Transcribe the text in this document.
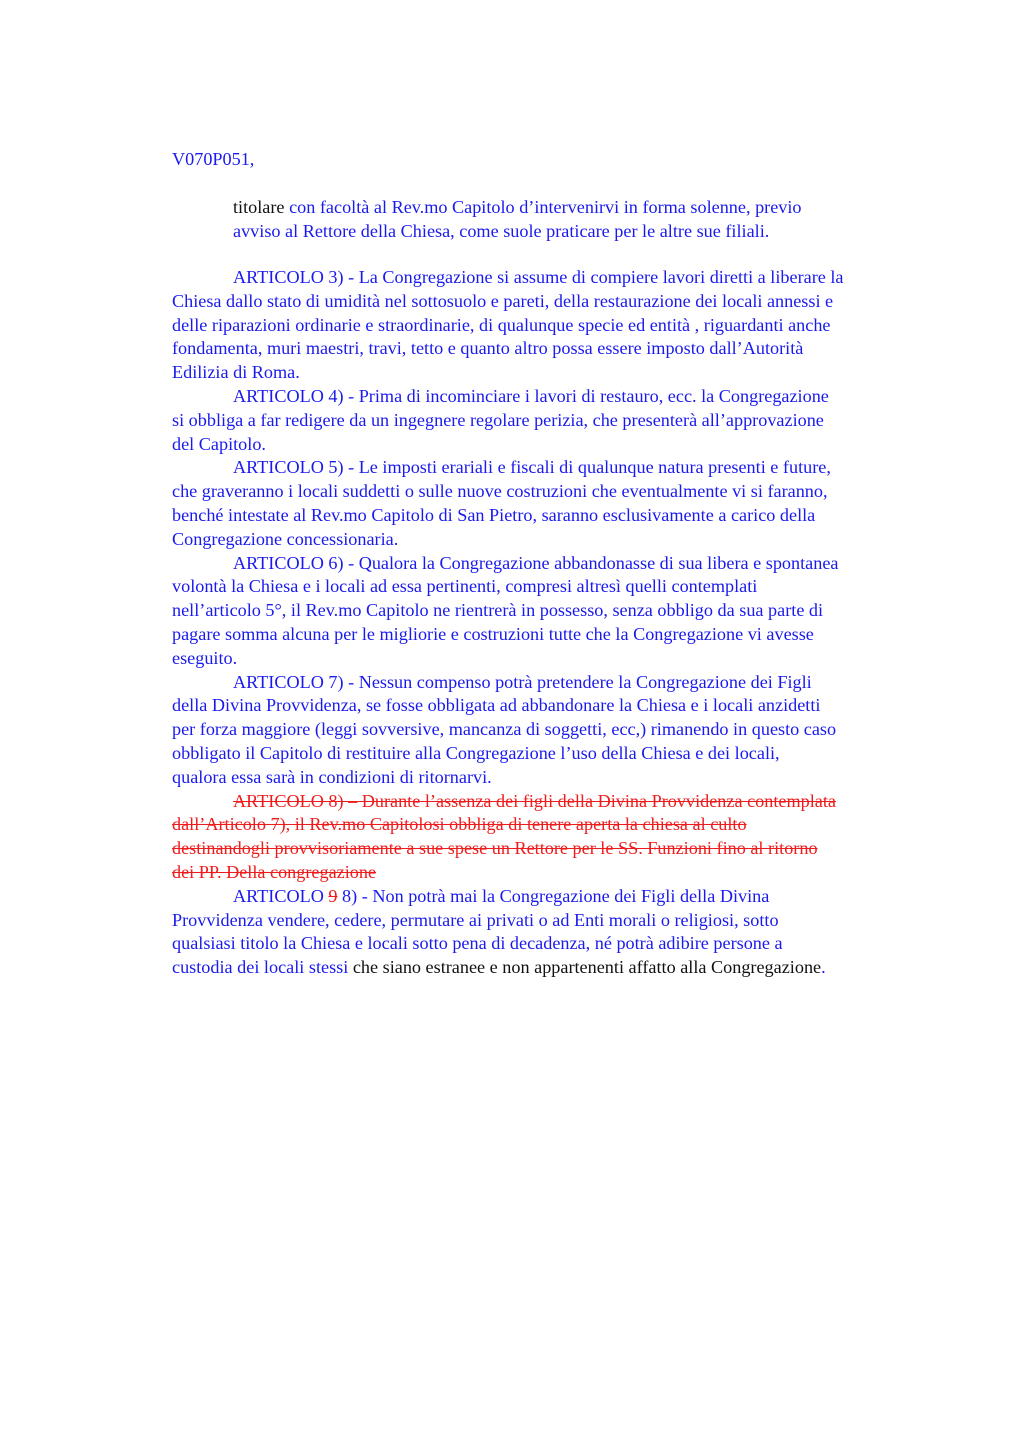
V070P051,
titolare con facoltà al Rev.mo Capitolo d’intervenirvi in forma solenne, previo
avviso al Rettore della Chiesa, come suole praticare per le altre sue filiali.
ARTICOLO 3) - La Congregazione si assume di compiere lavori diretti a liberare la
Chiesa dallo stato di umidità nel sottosuolo e pareti, della restaurazione dei locali annessi e
delle riparazioni ordinarie e straordinarie, di qualunque specie ed entità , riguardanti anche
fondamenta, muri maestri, travi, tetto e quanto altro possa essere imposto dall’Autorità
Edilizia di Roma.
ARTICOLO 4) - Prima di incominciare i lavori di restauro, ecc. la Congregazione
si obbliga a far redigere da un ingegnere regolare perizia, che presenterà all’approvazione
del Capitolo.
ARTICOLO 5) - Le imposti erariali e fiscali di qualunque natura presenti e future,
che graveranno i locali suddetti o sulle nuove costruzioni che eventualmente vi si faranno,
benché intestate al Rev.mo Capitolo di San Pietro, saranno esclusivamente a carico della
Congregazione concessionaria.
ARTICOLO 6) - Qualora la Congregazione abbandonasse di sua libera e spontanea
volontà la Chiesa e i locali ad essa pertinenti, compresi altresì quelli contemplati
nell’articolo 5°, il Rev.mo Capitolo ne rientrerà in possesso, senza obbligo da sua parte di
pagare somma alcuna per le migliorie e costruzioni tutte che la Congregazione vi avesse
eseguito.
ARTICOLO 7) - Nessun compenso potrà pretendere la Congregazione dei Figli
della Divina Provvidenza, se fosse obbligata ad abbandonare la Chiesa e i locali anzidetti
per forza maggiore (leggi sovversive, mancanza di soggetti, ecc,) rimanendo in questo caso
obbligato il Capitolo di restituire alla Congregazione l’uso della Chiesa e dei locali,
qualora essa sarà in condizioni di ritornarvi.
ARTICOLO 8) – Durante l’assenza dei figli della Divina Provvidenza contemplata
dall’Articolo 7), il Rev.mo Capitolosi obbliga di tenere aperta la chiesa al culto
destinandogli provvisoriamente a sue spese un Rettore per le SS. Funzioni fino al ritorno
dei PP. Della congregazione
ARTICOLO 9 8) - Non potrà mai la Congregazione dei Figli della Divina
Provvidenza vendere, cedere, permutare ai privati o ad Enti morali o religiosi, sotto
qualsiasi titolo la Chiesa e locali sotto pena di decadenza, né potrà adibire persone a
custodia dei locali stessi che siano estranee e non appartenenti affatto alla Congregazione.
